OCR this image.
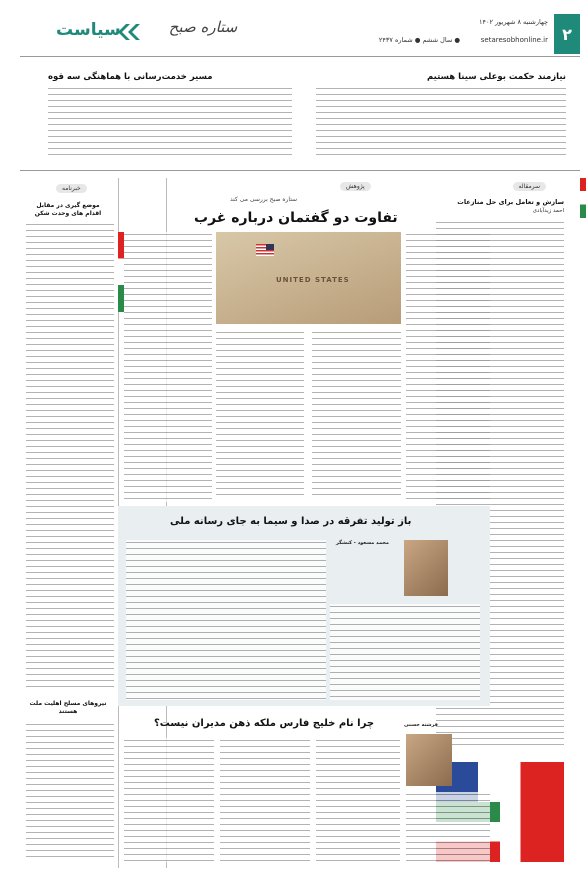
۲
چهارشنبه ۸ شهریور ۱۴۰۲
● سال ششم ● شماره ۲۴۳۷	setaresobhonline.ir
ستاره صبح
سیاست
نیازمند حکمت بوعلی سینا هستیم
مسیر خدمت‌رسانی با هماهنگی سه قوه
سرمقاله
سازش و تعامل برای حل منازعات
احمد زیدآبادی
خبرنامه
موضع گیری در مقابل اقدام های وحدت شکن
نیروهای مسلح اهلیت ملت هستند
پژوهش
ستاره صبح بررسی می کند
تفاوت دو گفتمان درباره غرب
UNITED STATES
باز تولید تفرقه در صدا و سیما به جای رسانه ملی
محمد مسعود - کنشگر
چرا نام خلیج فارس ملکه ذهن مدیران نیست؟	فرشته حسنی
